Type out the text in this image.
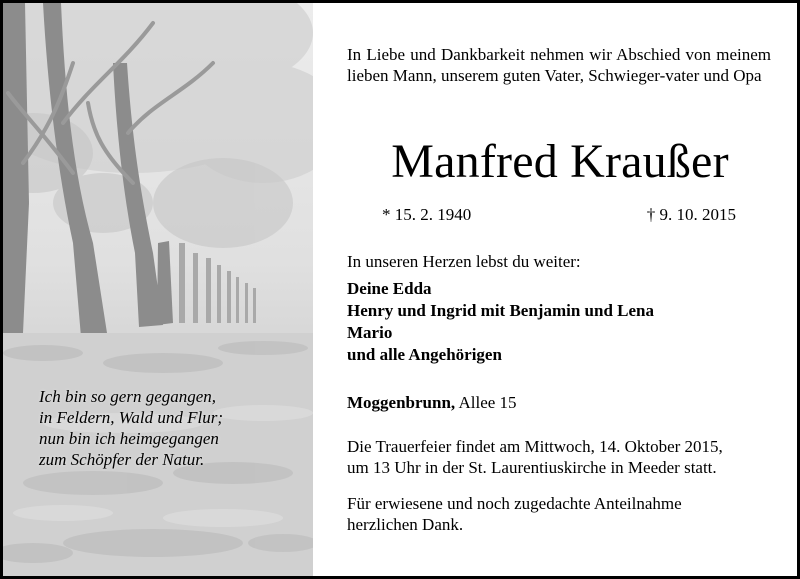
Ich bin so gern gegangen,
in Feldern, Wald und Flur;
nun bin ich heimgegangen
zum Schöpfer der Natur.

In Liebe und Dankbarkeit nehmen wir Abschied von meinem lieben Mann, unserem guten Vater, Schwieger-vater und Opa

Manfred Kraußer
* 15. 2. 1940	† 9. 10. 2015
In unseren Herzen lebst du weiter:
Deine Edda
Henry und Ingrid mit Benjamin und Lena
Mario
und alle Angehörigen
Moggenbrunn, Allee 15
Die Trauerfeier findet am Mittwoch, 14. Oktober 2015,
um 13 Uhr in der St. Laurentiuskirche in Meeder statt.
Für erwiesene und noch zugedachte Anteilnahme
herzlichen Dank.
